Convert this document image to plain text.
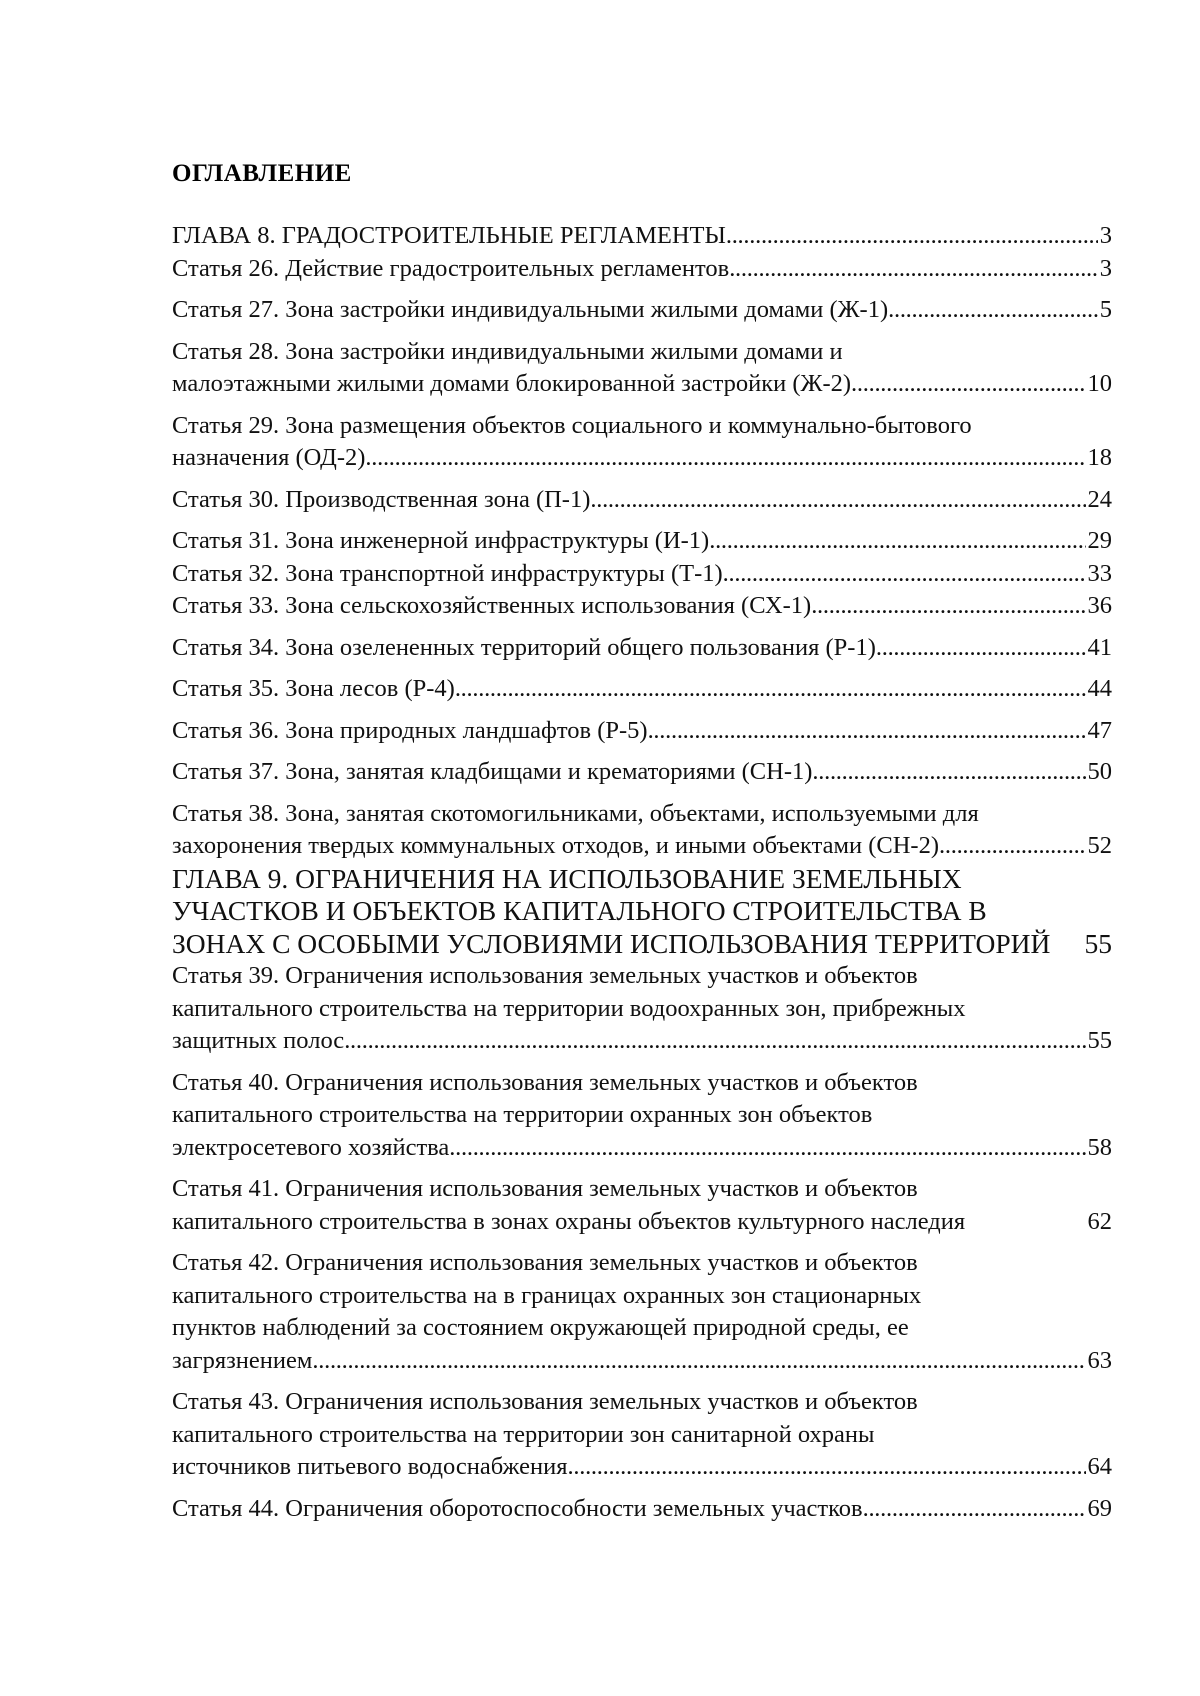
ОГЛАВЛЕНИЕ
ГЛАВА 8. ГРАДОСТРОИТЕЛЬНЫЕ РЕГЛАМЕНТЫ . . .	3
Статья 26. Действие градостроительных регламентов . . .	3
Статья 27. Зона застройки индивидуальными жилыми домами (Ж-1) . . .	5
Статья 28. Зона застройки индивидуальными жилыми домами и
малоэтажными жилыми домами блокированной застройки (Ж-2) . . .	10
Статья 29. Зона размещения объектов социального и коммунально-бытового
назначения (ОД-2) . . .	18
Статья 30. Производственная зона (П-1) . . .	24
Статья 31. Зона инженерной инфраструктуры (И-1) . . .	29
Статья 32. Зона транспортной инфраструктуры (Т-1) . . .	33
Статья 33. Зона сельскохозяйственных использования (СХ-1) . . .	36
Статья 34. Зона озелененных территорий общего пользования (Р-1) . . .	41
Статья 35. Зона лесов (Р-4) . . .	44
Статья 36. Зона природных ландшафтов (Р-5) . . .	47
Статья 37. Зона, занятая кладбищами и крематориями (СН-1) . . .	50
Статья 38. Зона, занятая скотомогильниками, объектами, используемыми для
захоронения твердых коммунальных отходов, и иными объектами (СН-2) . . .	52
ГЛАВА 9. ОГРАНИЧЕНИЯ НА ИСПОЛЬЗОВАНИЕ ЗЕМЕЛЬНЫХ
УЧАСТКОВ И ОБЪЕКТОВ КАПИТАЛЬНОГО СТРОИТЕЛЬСТВА В
ЗОНАХ С ОСОБЫМИ УСЛОВИЯМИ ИСПОЛЬЗОВАНИЯ ТЕРРИТОРИЙ	55
Статья 39. Ограничения использования земельных участков и объектов
капитального строительства на территории водоохранных зон, прибрежных
защитных полос . . .	55
Статья 40. Ограничения использования земельных участков и объектов
капитального строительства на территории охранных зон объектов
электросетевого хозяйства . . .	58
Статья 41. Ограничения использования земельных участков и объектов
капитального строительства в зонах охраны объектов культурного наследия	62
Статья 42. Ограничения использования земельных участков и объектов
капитального строительства на в границах охранных зон стационарных
пунктов наблюдений за состоянием окружающей природной среды, ее
загрязнением . . .	63
Статья 43. Ограничения использования земельных участков и объектов
капитального строительства на территории зон санитарной охраны
источников питьевого водоснабжения . . .	64
Статья 44. Ограничения оборотоспособности земельных участков . . .	69
